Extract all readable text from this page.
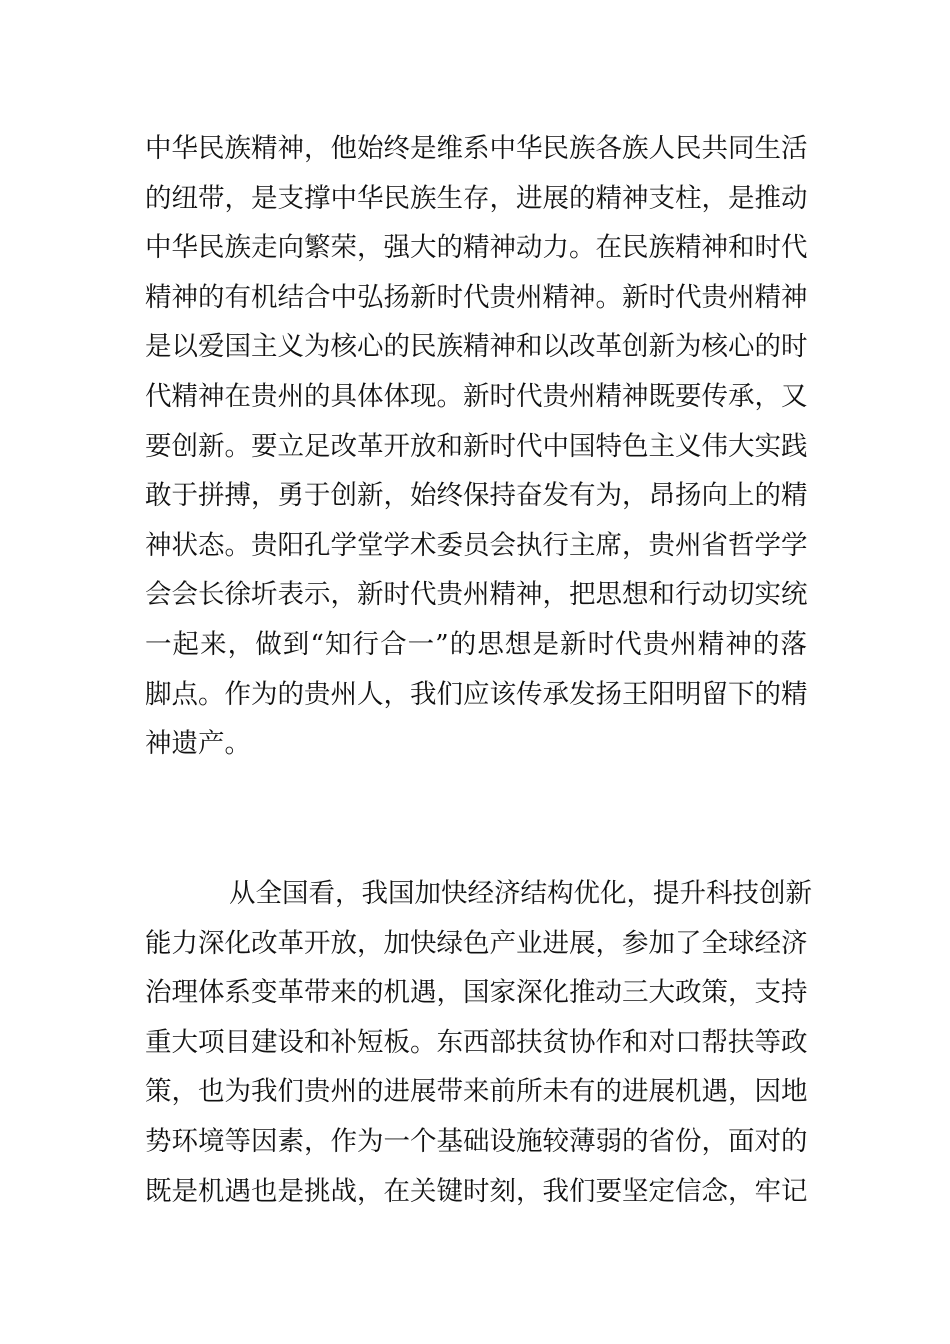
中华民族精神，他始终是维系中华民族各族人民共同生活
的纽带，是支撑中华民族生存，进展的精神支柱，是推动
中华民族走向繁荣，强大的精神动力。在民族精神和时代
精神的有机结合中弘扬新时代贵州精神。新时代贵州精神
是以爱国主义为核心的民族精神和以改革创新为核心的时
代精神在贵州的具体体现。新时代贵州精神既要传承，又
要创新。要立足改革开放和新时代中国特色主义伟大实践
敢于拼搏，勇于创新，始终保持奋发有为，昂扬向上的精
神状态。贵阳孔学堂学术委员会执行主席，贵州省哲学学
会会长徐圻表示，新时代贵州精神，把思想和行动切实统
一起来，做到“知行合一”的思想是新时代贵州精神的落
脚点。作为的贵州人，我们应该传承发扬王阳明留下的精
神遗产。

从全国看，我国加快经济结构优化，提升科技创新
能力深化改革开放，加快绿色产业进展，参加了全球经济
治理体系变革带来的机遇，国家深化推动三大政策，支持
重大项目建设和补短板。东西部扶贫协作和对口帮扶等政
策，也为我们贵州的进展带来前所未有的进展机遇，因地
势环境等因素，作为一个基础设施较薄弱的省份，面对的
既是机遇也是挑战，在关键时刻，我们要坚定信念，牢记
